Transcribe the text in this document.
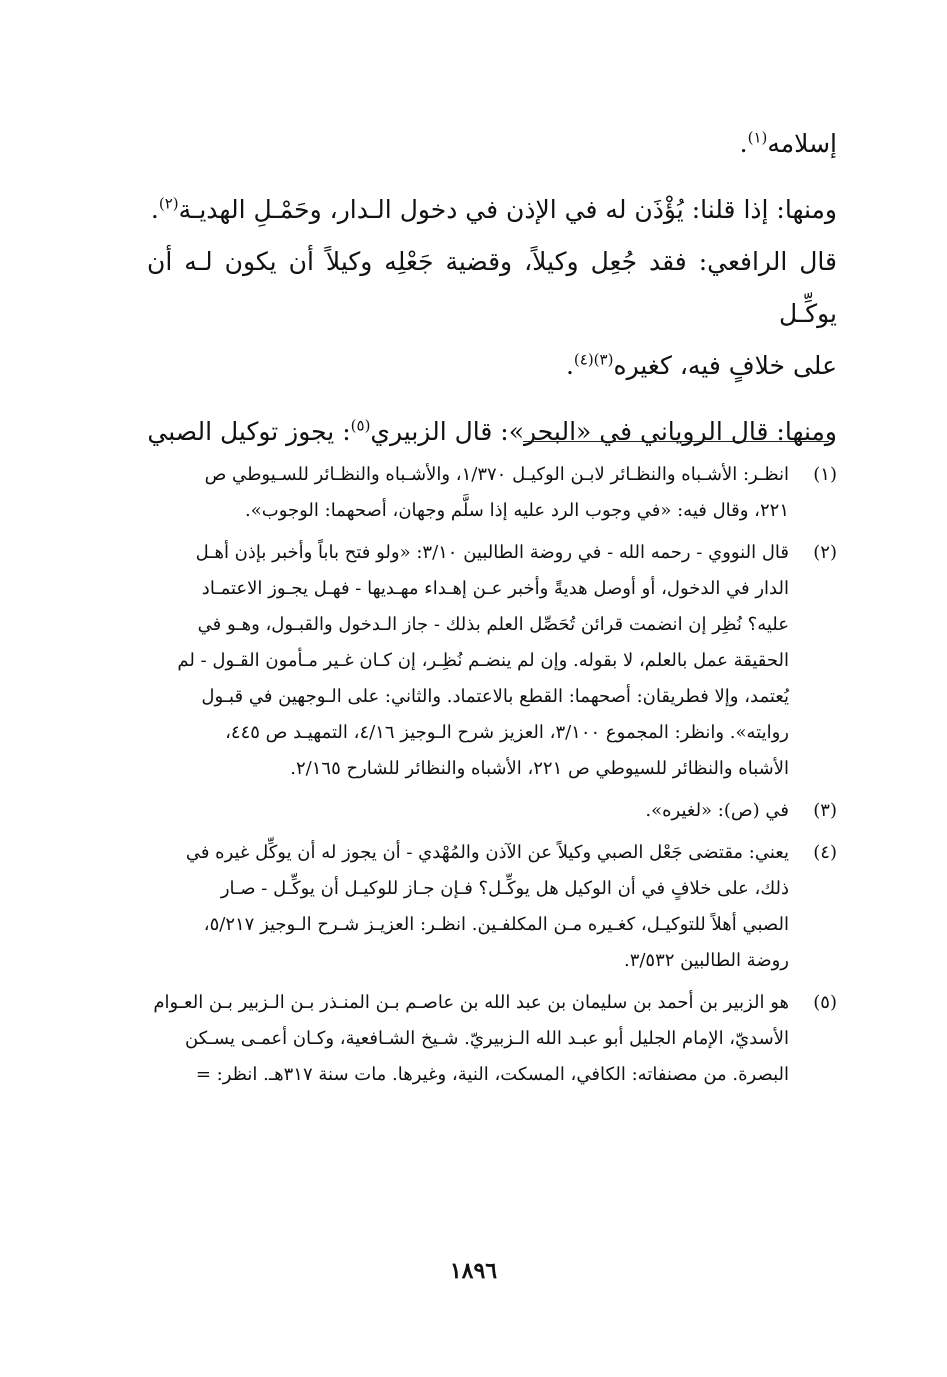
إسلامه$^{(١)}$.

ومنها: إذا قلنا: يُؤْذَن له في الإذن في دخول الـدار، وحَمْـلِ الهديـة$^{(٢)}$.

قال الرافعي: فقد جُعِل وكيلاً، وقضية جَعْلِه وكيلاً أن يكون لـه أن يوكِّـل

على خلافٍ فيه، كغيره$^{(٣)(٤)}$.

ومنها: قال الروياني في «البحر»: قال الزبيري$^{(٥)}$: يجوز توكيل الصبي

(١)
انظـر: الأشـباه والنظـائر لابـن الوكيـل ١/٣٧٠، والأشـباه والنظـائر للسـيوطي ص
٢٢١، وقال فيه: «في وجوب الرد عليه إذا سلَّم وجهان، أصحهما: الوجوب».
(٢)
قال النووي - رحمه الله - في روضة الطالبين ٣/١٠: «ولو فتح باباً وأخبر بإذن أهـل
الدار في الدخول، أو أوصل هديةً وأخبر عـن إهـداء مهـديها - فهـل يجـوز الاعتمـاد
عليه؟ نُظِر إن انضمت قرائن تُحَصِّل العلم بذلك - جاز الـدخول والقبـول، وهـو في
الحقيقة عمل بالعلم، لا بقوله. وإن لم ينضـم نُظِـر، إن كـان غـير مـأمون القـول - لم
يُعتمد، وإلا فطريقان: أصحهما: القطع بالاعتماد. والثاني: على الـوجهين في قبـول
روايته». وانظر: المجموع ٣/١٠٠، العزيز شرح الـوجيز ٤/١٦، التمهيـد ص ٤٤٥،
الأشباه والنظائر للسيوطي ص ٢٢١، الأشباه والنظائر للشارح ٢/١٦٥.
(٣)
في (ص): «لغيره».
(٤)
يعني: مقتضى جَعْل الصبي وكيلاً عن الآذن والمُهْدي - أن يجوز له أن يوكِّل غيره في
ذلك، على خلافٍ في أن الوكيل هل يوكِّـل؟ فـإن جـاز للوكيـل أن يوكِّـل - صـار
الصبي أهلاً للتوكيـل، كغـيره مـن المكلفـين. انظـر: العزيـز شـرح الـوجيز ٥/٢١٧،
روضة الطالبين ٣/٥٣٢.
(٥)
هو الزبير بن أحمد بن سليمان بن عبد الله بن عاصـم بـن المنـذر بـن الـزبير بـن العـوام
الأسديّ، الإمام الجليل أبو عبـد الله الـزبيريّ. شـيخ الشـافعية، وكـان أعمـى يسـكن
البصرة. من مصنفاته: الكافي، المسكت، النية، وغيرها. مات سنة ٣١٧هـ. انظر: =
١٨٩٦
